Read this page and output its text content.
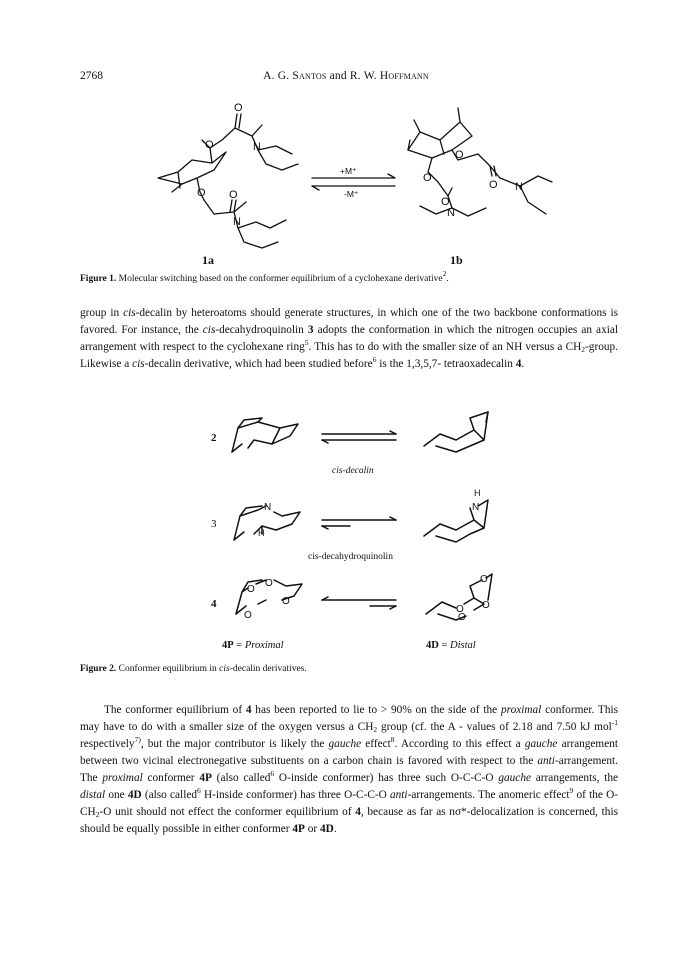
2768	A. G. Santos and R. W. Hoffmann
O
N
O
O
O
N
O
O
O N
O
N
+M⁺
-M⁺
1a	1b
Figure 1. Molecular switching based on the conformer equilibrium of a cyclohexane derivative$^2$.
group in cis-decalin by heteroatoms should generate structures, in which one of the two backbone conformations is favored. For instance, the cis-decahydroquinolin 3 adopts the conformation in which the nitrogen occupies an axial arrangement with respect to the cyclohexane ring$^5$. This has to do with the smaller size of an NH versus a $CH_2$-group. Likewise a cis-decalin derivative, which had been studied before$^6$ is the 1,3,5,7- tetraoxadecalin 4.
N
H
N
H
O
O
O
O
O
O
O
O
2
3
4
cis-decalin
cis-decahydroquinolin
4P = Proximal	4D = Distal
Figure 2. Conformer equilibrium in cis-decalin derivatives.
The conformer equilibrium of 4 has been reported to lie to > 90% on the side of the proximal conformer. This may have to do with a smaller size of the oxygen versus a $CH_2$ group (cf. the A - values of 2.18 and 7.50 kJ mol$^{-1}$ respectively$^{7)}$, but the major contributor is likely the gauche effect$^8$. According to this effect a gauche arrangement between two vicinal electronegative substituents on a carbon chain is favored with respect to the anti-arrangement. The proximal conformer 4P (also called$^6$ O-inside conformer) has three such O-C-C-O gauche arrangements, the distal one 4D (also called$^6$ H-inside conformer) has three O-C-C-O anti-arrangements. The anomeric effect$^9$ of the $O-CH_2-O$ unit should not effect the conformer equilibrium of 4, because as far as nσ*-delocalization is concerned, this should be equally possible in either conformer 4P or 4D.
